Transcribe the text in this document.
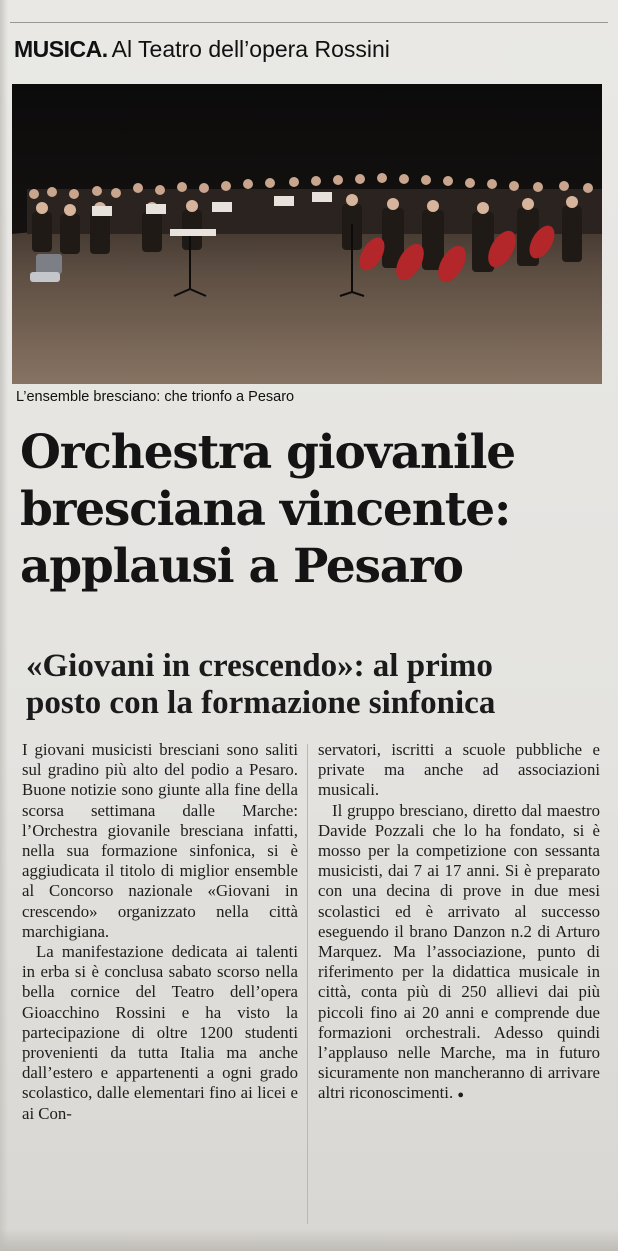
MUSICA. Al Teatro dell’opera Rossini
L’ensemble bresciano: che trionfo a Pesaro
Orchestra giovanile
bresciana vincente:
applausi a Pesaro
«Giovani in crescendo»: al primo
posto con la formazione sinfonica

I giovani musicisti bresciani sono saliti sul gradino più alto del podio a Pesaro. Buone notizie sono giunte alla fine della scorsa settimana dalle Marche: l’Orchestra giovanile bresciana infatti, nella sua formazione sinfonica, si è aggiudicata il titolo di miglior ensemble al Concorso nazionale «Giovani in crescendo» organizzato nella città marchigiana.

La manifestazione dedicata ai talenti in erba si è conclusa sabato scorso nella bella cornice del Teatro dell’opera Gioacchino Rossini e ha visto la partecipazione di oltre 1200 studenti provenienti da tutta Italia ma anche dall’estero e appartenenti a ogni grado scolastico, dalle elementari fino ai licei e ai Con-

servatori, iscritti a scuole pubbliche e private ma anche ad associazioni musicali.

Il gruppo bresciano, diretto dal maestro Davide Pozzali che lo ha fondato, si è mosso per la competizione con sessanta musicisti, dai 7 ai 17 anni. Si è preparato con una decina di prove in due mesi scolastici ed è arrivato al successo eseguendo il brano Danzon n.2 di Arturo Marquez. Ma l’associazione, punto di riferimento per la didattica musicale in città, conta più di 250 allievi dai più piccoli fino ai 20 anni e comprende due formazioni orchestrali. Adesso quindi l’applauso nelle Marche, ma in futuro sicuramente non mancheranno di arrivare altri riconoscimenti. ●
